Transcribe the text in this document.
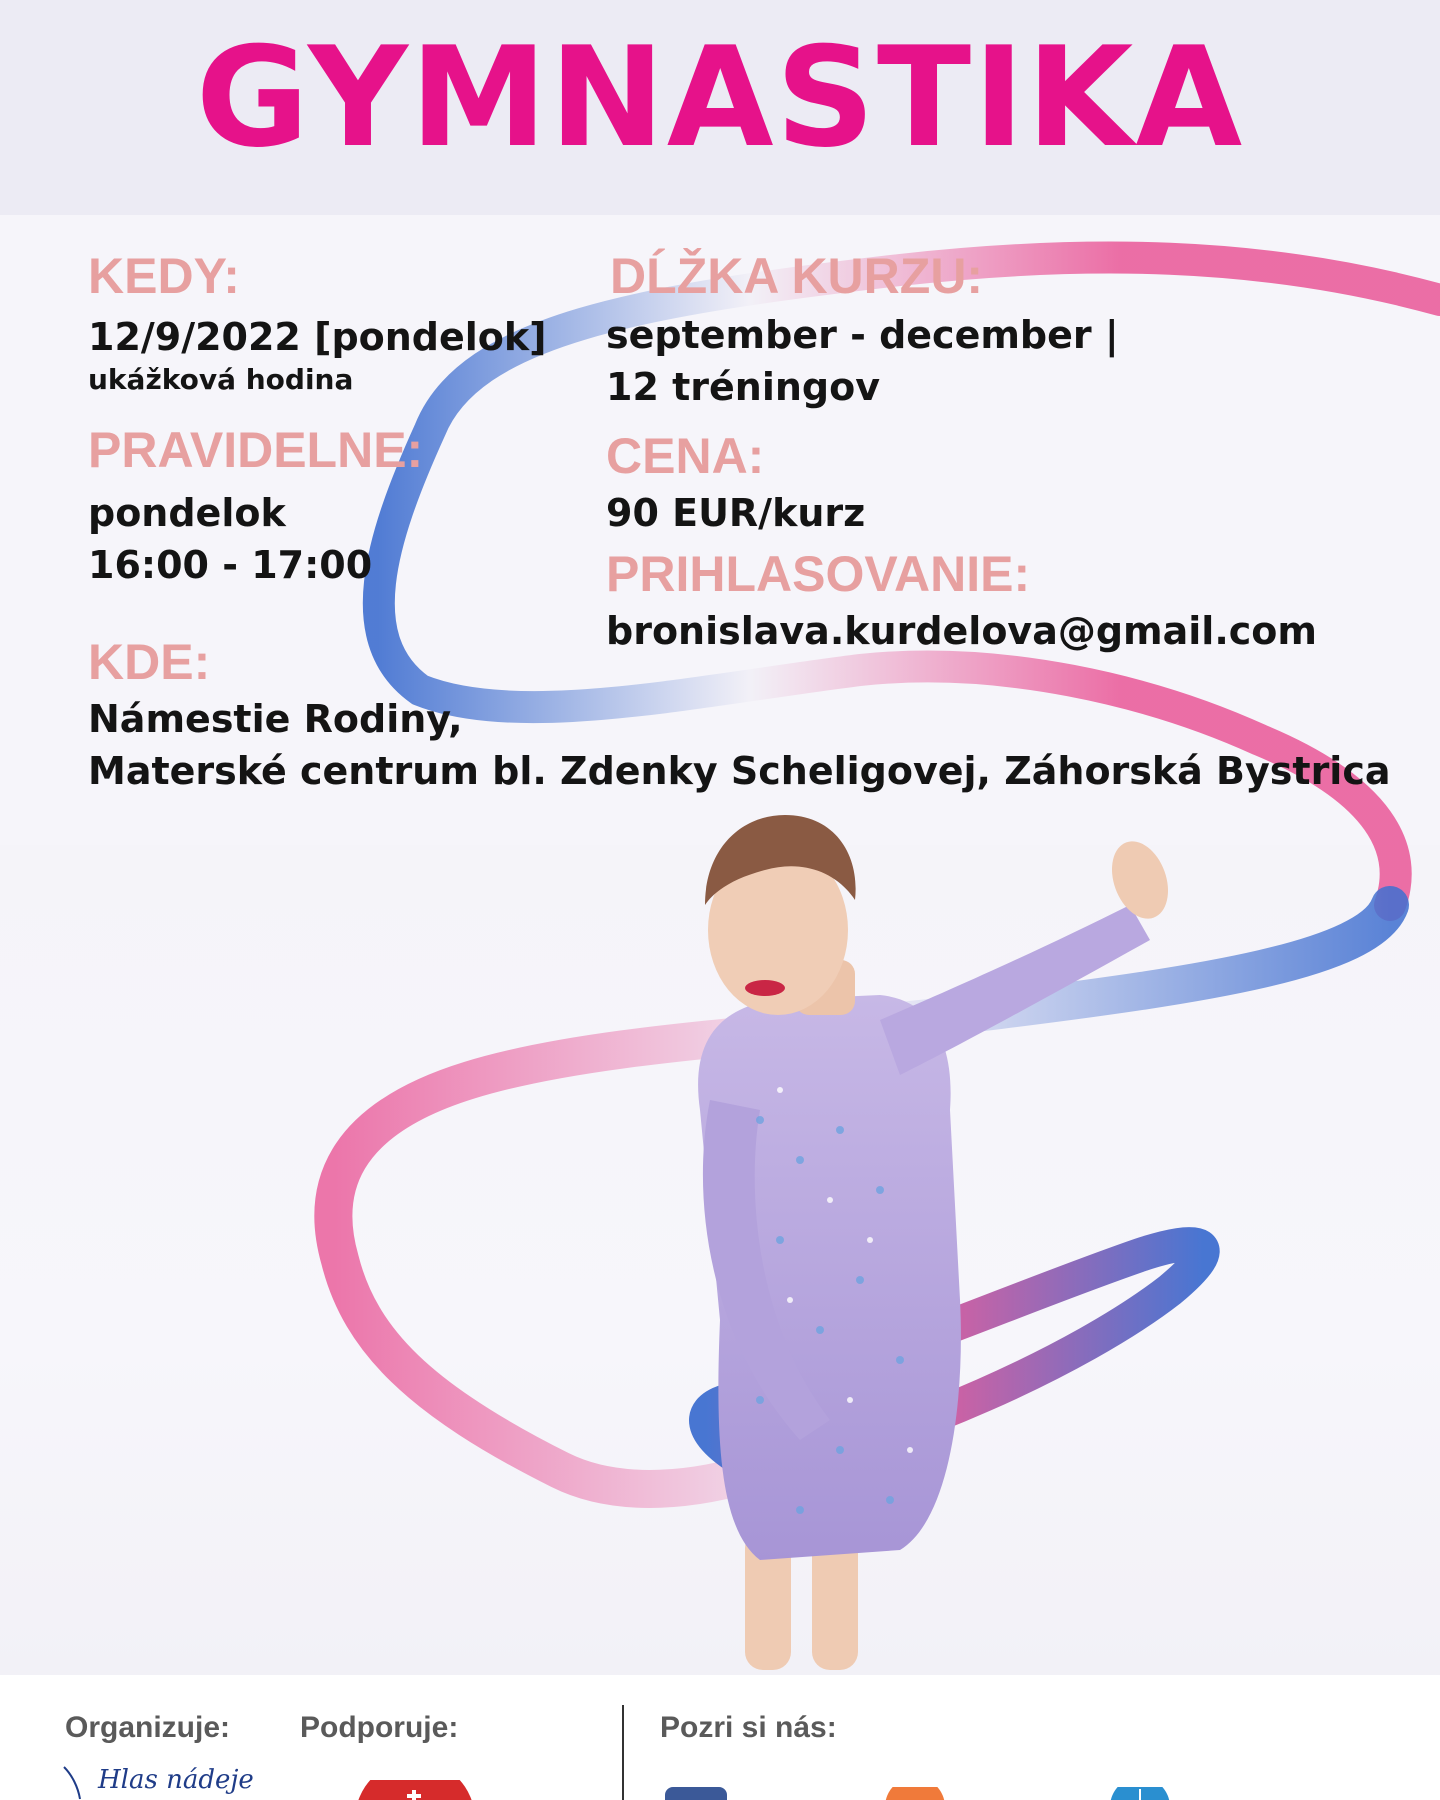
GYMNASTIKA
KEDY:
12/9/2022 [pondelok]
ukážková hodina
PRAVIDELNE:
pondelok
16:00 - 17:00
KDE:
Námestie Rodiny,
Materské centrum bl. Zdenky Scheligovej, Záhorská Bystrica
DĹŽKA KURZU:
september - december |
12 tréningov
CENA:
90 EUR/kurz
PRIHLASOVANIE:
bronislava.kurdelova@gmail.com
Organizuje: Podporuje:	Pozri si nás:
Hlas nádeje
